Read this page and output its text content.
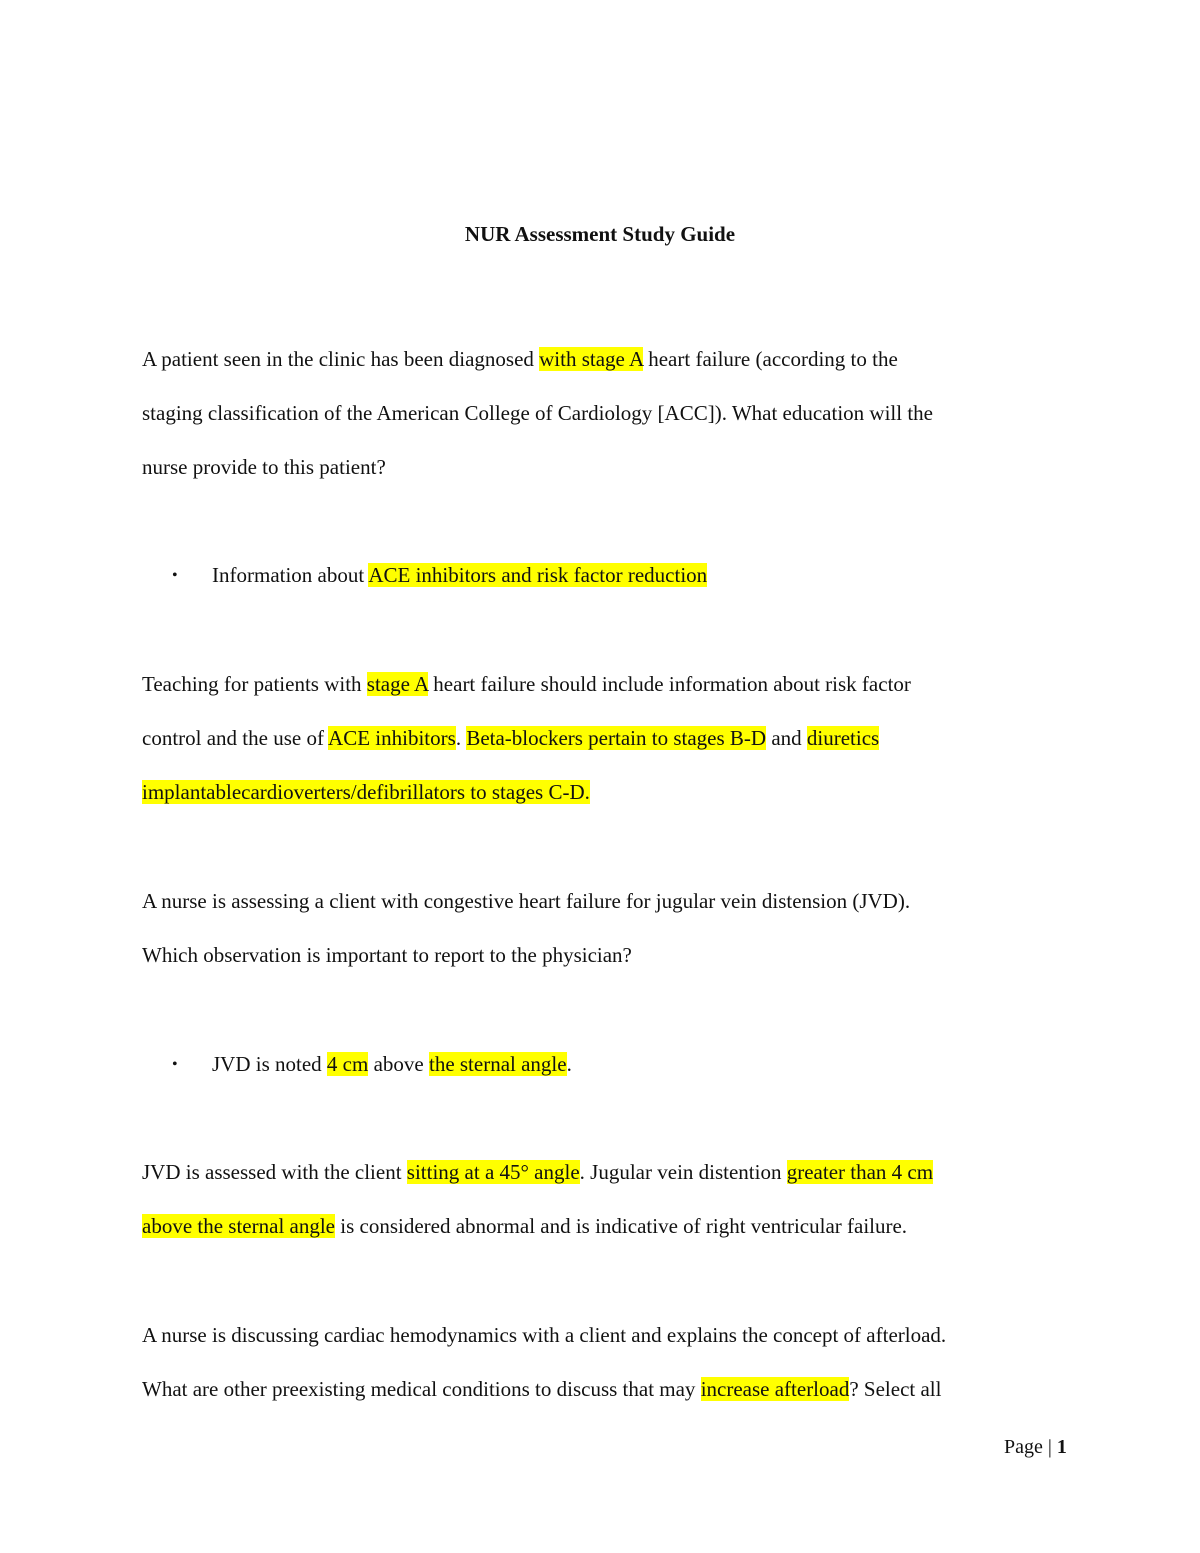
NUR Assessment Study Guide
A patient seen in the clinic has been diagnosed with stage A heart failure (according to the
staging classification of the American College of Cardiology [ACC]). What education will the
nurse provide to this patient?
• Information about ACE inhibitors and risk factor reduction
Teaching for patients with stage A heart failure should include information about risk factor
control and the use of ACE inhibitors. Beta-blockers pertain to stages B-D and diuretics
implantablecardioverters/defibrillators to stages C-D.
A nurse is assessing a client with congestive heart failure for jugular vein distension (JVD).
Which observation is important to report to the physician?
• JVD is noted 4 cm above the sternal angle.
JVD is assessed with the client sitting at a 45° angle. Jugular vein distention greater than 4 cm
above the sternal angle is considered abnormal and is indicative of right ventricular failure.
A nurse is discussing cardiac hemodynamics with a client and explains the concept of afterload.
What are other preexisting medical conditions to discuss that may increase afterload? Select all
Page | 1
